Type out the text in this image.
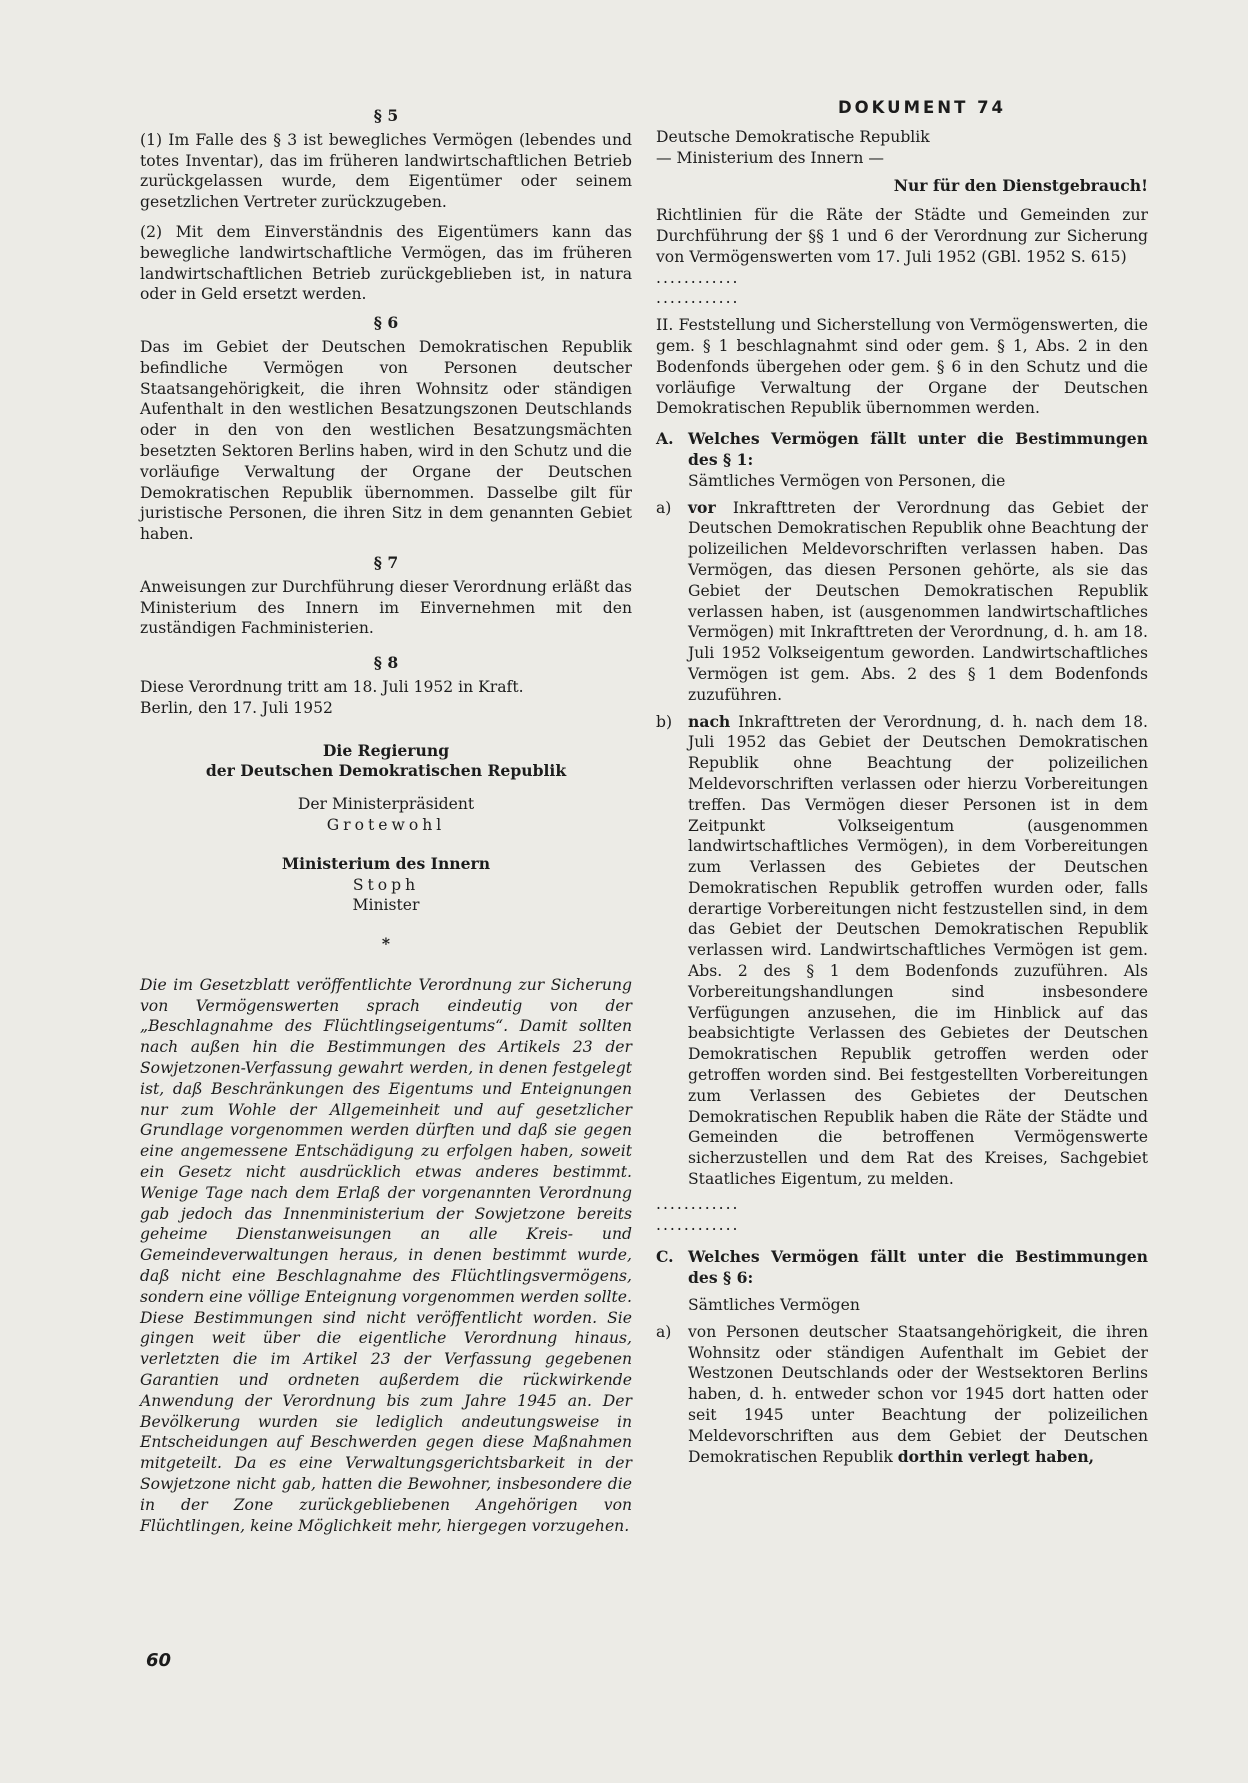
§ 5

(1) Im Falle des § 3 ist bewegliches Vermögen (lebendes und totes Inventar), das im früheren landwirtschaftlichen Betrieb zurückgelassen wurde, dem Eigentümer oder seinem gesetzlichen Vertreter zurückzugeben.

(2) Mit dem Einverständnis des Eigentümers kann das bewegliche landwirtschaftliche Vermögen, das im früheren landwirtschaftlichen Betrieb zurückgeblieben ist, in natura oder in Geld ersetzt werden.

§ 6

Das im Gebiet der Deutschen Demokratischen Republik befindliche Vermögen von Personen deutscher Staatsangehörigkeit, die ihren Wohnsitz oder ständigen Aufenthalt in den westlichen Besatzungszonen Deutschlands oder in den von den westlichen Besatzungsmächten besetzten Sektoren Berlins haben, wird in den Schutz und die vorläufige Verwaltung der Organe der Deutschen Demokratischen Republik übernommen. Dasselbe gilt für juristische Personen, die ihren Sitz in dem genannten Gebiet haben.

§ 7

Anweisungen zur Durchführung dieser Verordnung erläßt das Ministerium des Innern im Einvernehmen mit den zuständigen Fachministerien.

§ 8

Diese Verordnung tritt am 18. Juli 1952 in Kraft.

Berlin, den 17. Juli 1952

Die Regierung

der Deutschen Demokratischen Republik

Der Ministerpräsident

Grotewohl

Ministerium des Innern

Stoph

Minister

*

Die im Gesetzblatt veröffentlichte Verordnung zur Sicherung von Vermögenswerten sprach eindeutig von der „Beschlagnahme des Flüchtlingseigentums“. Damit sollten nach außen hin die Bestimmungen des Artikels 23 der Sowjetzonen-Verfassung gewahrt werden, in denen festgelegt ist, daß Beschränkungen des Eigentums und Enteignungen nur zum Wohle der Allgemeinheit und auf gesetzlicher Grundlage vorgenommen werden dürften und daß sie gegen eine angemessene Entschädigung zu erfolgen haben, soweit ein Gesetz nicht ausdrücklich etwas anderes bestimmt. Wenige Tage nach dem Erlaß der vorgenannten Verordnung gab jedoch das Innenministerium der Sowjetzone bereits geheime Dienstanweisungen an alle Kreis- und Gemeindeverwaltungen heraus, in denen bestimmt wurde, daß nicht eine Beschlagnahme des Flüchtlingsvermögens, sondern eine völlige Enteignung vorgenommen werden sollte. Diese Bestimmungen sind nicht veröffentlicht worden. Sie gingen weit über die eigentliche Verordnung hinaus, verletzten die im Artikel 23 der Verfassung gegebenen Garantien und ordneten außerdem die rückwirkende Anwendung der Verordnung bis zum Jahre 1945 an. Der Bevölkerung wurden sie lediglich andeutungsweise in Entscheidungen auf Beschwerden gegen diese Maßnahmen mitgeteilt. Da es eine Verwaltungsgerichtsbarkeit in der Sowjetzone nicht gab, hatten die Bewohner, insbesondere die in der Zone zurückgebliebenen Angehörigen von Flüchtlingen, keine Möglichkeit mehr, hiergegen vorzugehen.

DOKUMENT 74

Deutsche Demokratische Republik

— Ministerium des Innern —

Nur für den Dienstgebrauch!

Richtlinien für die Räte der Städte und Gemeinden zur Durchführung der §§ 1 und 6 der Verordnung zur Sicherung von Vermögenswerten vom 17. Juli 1952 (GBl. 1952 S. 615)

............

............

II. Feststellung und Sicherstellung von Vermögenswerten, die gem. § 1 beschlagnahmt sind oder gem. § 1, Abs. 2 in den Bodenfonds übergehen oder gem. § 6 in den Schutz und die vorläufige Verwaltung der Organe der Deutschen Demokratischen Republik übernommen werden.

A. Welches Vermögen fällt unter die Bestimmungen des § 1:

Sämtliches Vermögen von Personen, die

a)	vor Inkrafttreten der Verordnung das Gebiet der Deutschen Demokratischen Republik ohne Beachtung der polizeilichen Meldevorschriften verlassen haben. Das Vermögen, das diesen Personen gehörte, als sie das Gebiet der Deutschen Demokratischen Republik verlassen haben, ist (ausgenommen landwirtschaftliches Vermögen) mit Inkrafttreten der Verordnung, d. h. am 18. Juli 1952 Volkseigentum geworden. Landwirtschaftliches Vermögen ist gem. Abs. 2 des § 1 dem Bodenfonds zuzuführen.

b)	nach Inkrafttreten der Verordnung, d. h. nach dem 18. Juli 1952 das Gebiet der Deutschen Demokratischen Republik ohne Beachtung der polizeilichen Meldevorschriften verlassen oder hierzu Vorbereitungen treffen. Das Vermögen dieser Personen ist in dem Zeitpunkt Volkseigentum (ausgenommen landwirtschaftliches Vermögen), in dem Vorbereitungen zum Verlassen des Gebietes der Deutschen Demokratischen Republik getroffen wurden oder, falls derartige Vorbereitungen nicht festzustellen sind, in dem das Gebiet der Deutschen Demokratischen Republik verlassen wird. Landwirtschaftliches Vermögen ist gem. Abs. 2 des § 1 dem Bodenfonds zuzuführen. Als Vorbereitungshandlungen sind insbesondere Verfügungen anzusehen, die im Hinblick auf das beabsichtigte Verlassen des Gebietes der Deutschen Demokratischen Republik getroffen werden oder getroffen worden sind. Bei festgestellten Vorbereitungen zum Verlassen des Gebietes der Deutschen Demokratischen Republik haben die Räte der Städte und Gemeinden die betroffenen Vermögenswerte sicherzustellen und dem Rat des Kreises, Sachgebiet Staatliches Eigentum, zu melden.

............

............

C. Welches Vermögen fällt unter die Bestimmungen des § 6:

Sämtliches Vermögen

a)	von Personen deutscher Staatsangehörigkeit, die ihren Wohnsitz oder ständigen Aufenthalt im Gebiet der Westzonen Deutschlands oder der Westsektoren Berlins haben, d. h. entweder schon vor 1945 dort hatten oder seit 1945 unter Beachtung der polizeilichen Meldevorschriften aus dem Gebiet der Deutschen Demokratischen Republik dorthin verlegt haben,

60
